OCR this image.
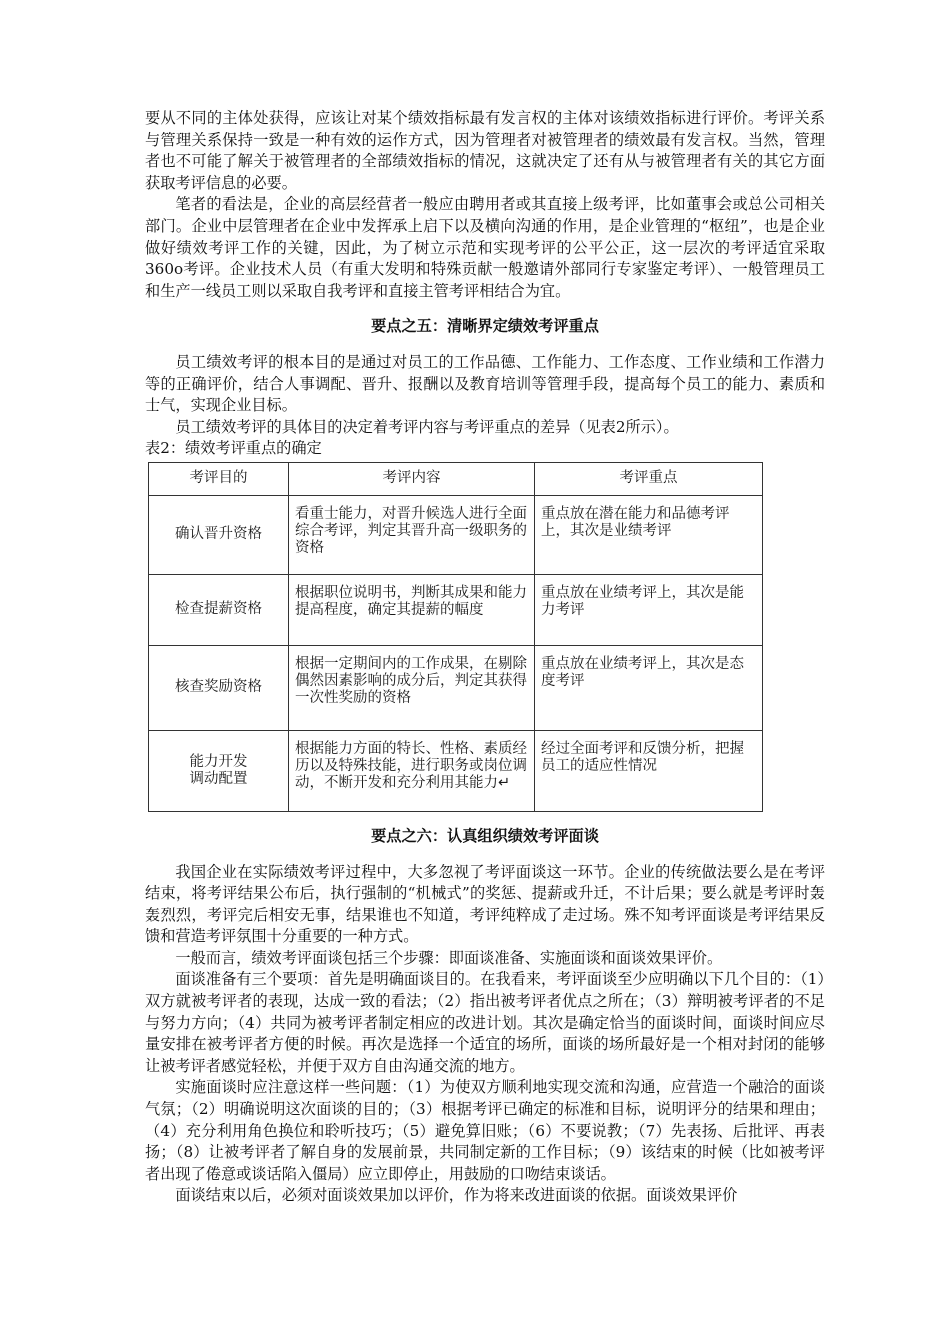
要从不同的主体处获得，应该让对某个绩效指标最有发言权的主体对该绩效指标进行评价。考评关系与管理关系保持一致是一种有效的运作方式，因为管理者对被管理者的绩效最有发言权。当然，管理者也不可能了解关于被管理者的全部绩效指标的情况，这就决定了还有从与被管理者有关的其它方面获取考评信息的必要。

笔者的看法是，企业的高层经营者一般应由聘用者或其直接上级考评，比如董事会或总公司相关部门。企业中层管理者在企业中发挥承上启下以及横向沟通的作用，是企业管理的“枢纽”，也是企业做好绩效考评工作的关键，因此，为了树立示范和实现考评的公平公正，这一层次的考评适宜采取360o考评。企业技术人员（有重大发明和特殊贡献一般邀请外部同行专家鉴定考评）、一般管理员工和生产一线员工则以采取自我考评和直接主管考评相结合为宜。

要点之五：清晰界定绩效考评重点

员工绩效考评的根本目的是通过对员工的工作品德、工作能力、工作态度、工作业绩和工作潜力等的正确评价，结合人事调配、晋升、报酬以及教育培训等管理手段，提高每个员工的能力、素质和士气，实现企业目标。

员工绩效考评的具体目的决定着考评内容与考评重点的差异（见表2所示）。

表2：绩效考评重点的确定

考评目的	考评内容	考评重点
确认晋升资格	看重士能力，对晋升候选人进行全面综合考评，判定其晋升高一级职务的资格	重点放在潜在能力和品德考评上，其次是业绩考评
检查提薪资格	根据职位说明书，判断其成果和能力提高程度，确定其提薪的幅度	重点放在业绩考评上，其次是能力考评
核查奖励资格	根据一定期间内的工作成果，在剔除偶然因素影响的成分后，判定其获得一次性奖励的资格	重点放在业绩考评上，其次是态度考评
能力开发
调动配置	根据能力方面的特长、性格、素质经历以及特殊技能，进行职务或岗位调动，不断开发和充分利用其能力↵	经过全面考评和反馈分析，把握员工的适应性情况
要点之六：认真组织绩效考评面谈

我国企业在实际绩效考评过程中，大多忽视了考评面谈这一环节。企业的传统做法要么是在考评结束，将考评结果公布后，执行强制的“机械式”的奖惩、提薪或升迁，不计后果；要么就是考评时轰轰烈烈，考评完后相安无事，结果谁也不知道，考评纯粹成了走过场。殊不知考评面谈是考评结果反馈和营造考评氛围十分重要的一种方式。

一般而言，绩效考评面谈包括三个步骤：即面谈准备、实施面谈和面谈效果评价。

面谈准备有三个要项：首先是明确面谈目的。在我看来，考评面谈至少应明确以下几个目的：（1）双方就被考评者的表现，达成一致的看法；（2）指出被考评者优点之所在；（3）辩明被考评者的不足与努力方向；（4）共同为被考评者制定相应的改进计划。其次是确定恰当的面谈时间，面谈时间应尽量安排在被考评者方便的时候。再次是选择一个适宜的场所，面谈的场所最好是一个相对封闭的能够让被考评者感觉轻松，并便于双方自由沟通交流的地方。

实施面谈时应注意这样一些问题：（1）为使双方顺利地实现交流和沟通，应营造一个融洽的面谈气氛；（2）明确说明这次面谈的目的；（3）根据考评已确定的标准和目标，说明评分的结果和理由；（4）充分利用角色换位和聆听技巧；（5）避免算旧账；（6）不要说教；（7）先表扬、后批评、再表扬；（8）让被考评者了解自身的发展前景，共同制定新的工作目标；（9）该结束的时候（比如被考评者出现了倦意或谈话陷入僵局）应立即停止，用鼓励的口吻结束谈话。

面谈结束以后，必须对面谈效果加以评价，作为将来改进面谈的依据。面谈效果评价
